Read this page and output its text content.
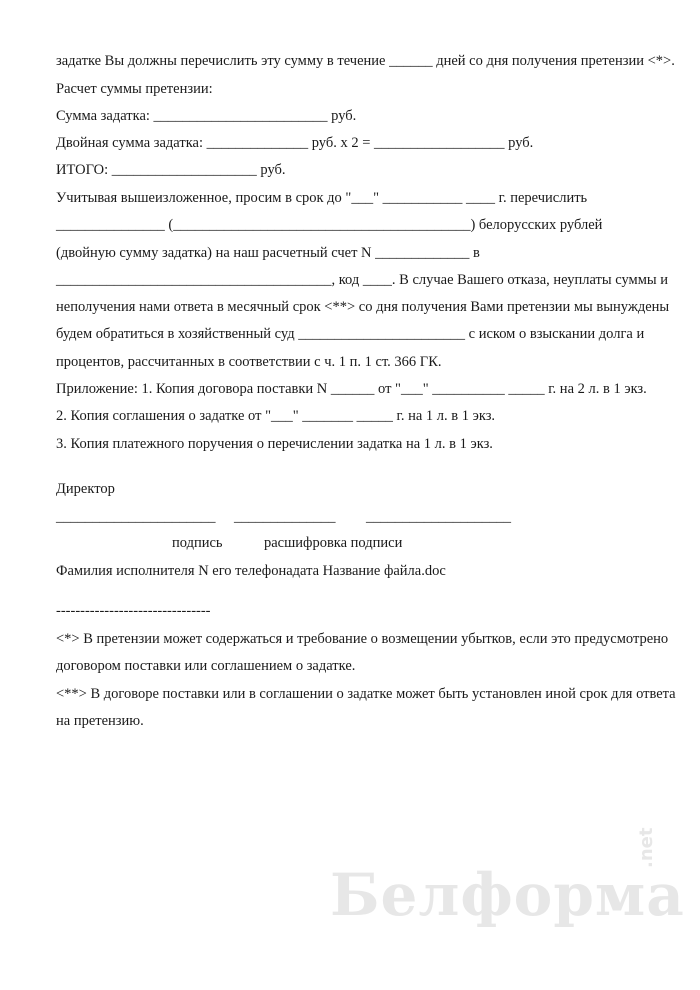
задатке Вы должны перечислить эту сумму в течение ______ дней со дня получения претензии <*>.
Расчет суммы претензии:
Сумма задатка: ________________________ руб.
Двойная сумма задатка: ______________ руб. x 2 = __________________ руб.
ИТОГО: ____________________ руб.
Учитывая вышеизложенное, просим в срок до "___" ___________ ____ г. перечислить
_______________ (_________________________________________) белорусских рублей
(двойную сумму задатка) на наш расчетный счет N _____________ в
______________________________________, код ____. В случае Вашего отказа, неуплаты суммы и
неполучения нами ответа в месячный срок <**> со дня получения Вами претензии мы вынуждены
будем обратиться в хозяйственный суд _______________________ с иском о взыскании долга и
процентов, рассчитанных в соответствии с ч. 1 п. 1 ст. 366 ГК.
Приложение: 1. Копия договора поставки N ______ от "___" __________ _____ г. на 2 л. в 1 экз.
2. Копия соглашения о задатке от "___" _______ _____ г. на 1 л. в 1 экз.
3. Копия платежного поручения о перечислении задатка на 1 л. в 1 экз.
Директор
______________________ ______________ ____________________
подпись	расшифровка подписи
Фамилия исполнителя N его телефонадата Название файла.doc
--------------------------------
<*> В претензии может содержаться и требование о возмещении убытков, если это предусмотрено
договором поставки или соглашением о задатке.
<**> В договоре поставки или в соглашении о задатке может быть установлен иной срок для ответа
на претензию.
Белформа
.net
